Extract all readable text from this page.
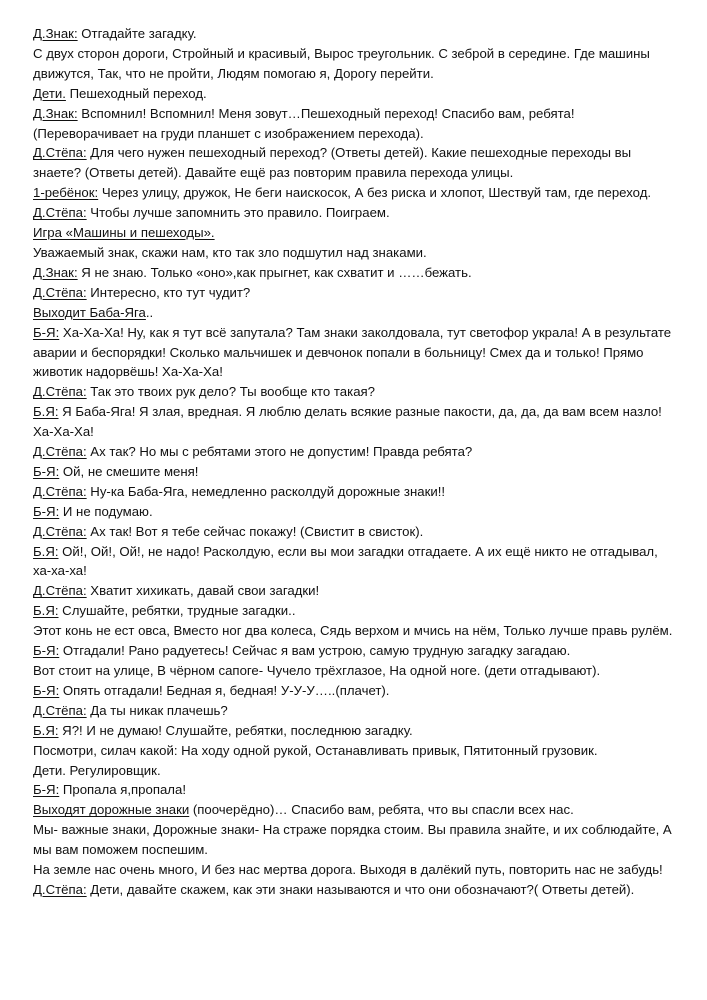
Д.Знак: Отгадайте загадку.

С двух сторон дороги, Стройный и красивый, Вырос треугольник. С зеброй в середине. Где машины движутся, Так, что не пройти, Людям помогаю я, Дорогу перейти.

Дети. Пешеходный переход.

Д.Знак: Вспомнил! Вспомнил! Меня зовут…Пешеходный переход! Спасибо вам, ребята! (Переворачивает на груди планшет с изображением перехода).

Д.Стёпа: Для чего нужен пешеходный переход? (Ответы детей). Какие пешеходные переходы вы знаете? (Ответы детей). Давайте ещё раз повторим правила перехода улицы.

1-ребёнок: Через улицу, дружок, Не беги наискосок, А без риска и хлопот, Шествуй там, где переход.

Д.Стёпа: Чтобы лучше запомнить это правило. Поиграем.

Игра «Машины и пешеходы».

Уважаемый знак, скажи нам, кто так зло подшутил над знаками.

Д.Знак: Я не знаю. Только «оно»,как прыгнет, как схватит и ……бежать.

Д.Стёпа: Интересно, кто тут чудит?

Выходит Баба-Яга..

Б-Я: Ха-Ха-Ха! Ну, как я тут всё запутала? Там знаки заколдовала, тут светофор украла! А в результате аварии и беспорядки! Сколько мальчишек и девчонок попали в больницу! Смех да и только! Прямо животик надорвёшь! Ха-Ха-Ха!

Д.Стёпа: Так это твоих рук дело? Ты вообще кто такая?

Б.Я: Я Баба-Яга! Я злая, вредная. Я люблю делать всякие разные пакости, да, да, да вам всем назло! Ха-Ха-Ха!

Д.Стёпа: Ах так? Но мы с ребятами этого не допустим! Правда ребята?

Б-Я: Ой, не смешите меня!

Д.Стёпа: Ну-ка Баба-Яга, немедленно расколдуй дорожные знаки!!

Б-Я: И не подумаю.

Д.Стёпа: Ах так! Вот я тебе сейчас покажу! (Свистит в свисток).

Б.Я: Ой!, Ой!, Ой!, не надо! Расколдую, если вы мои загадки отгадаете. А их ещё никто не отгадывал, ха-ха-ха!

Д.Стёпа: Хватит хихикать, давай свои загадки!

Б.Я: Слушайте, ребятки, трудные загадки..

Этот конь не ест овса, Вместо ног два колеса, Сядь верхом и мчись на нём, Только лучше правь рулём.

Б-Я: Отгадали! Рано радуетесь! Сейчас я вам устрою, самую трудную загадку загадаю.

Вот стоит на улице, В чёрном сапоге- Чучело трёхглазое, На одной ноге. (дети отгадывают).

Б-Я: Опять отгадали! Бедная я, бедная! У-У-У…..(плачет).

Д.Стёпа: Да ты никак плачешь?

Б.Я: Я?! И не думаю! Слушайте, ребятки, последнюю загадку.

Посмотри, силач какой: На ходу одной рукой, Останавливать привык, Пятитонный грузовик.

Дети. Регулировщик.

Б-Я: Пропала я,пропала!

Выходят дорожные знаки (поочерёдно)… Спасибо вам, ребята, что вы спасли всех нас.

Мы- важные знаки, Дорожные знаки- На страже порядка стоим. Вы правила знайте, и их соблюдайте, А мы вам поможем поспешим.

На земле нас очень много, И без нас мертва дорога. Выходя в далёкий путь, повторить нас не забудь!

Д.Стёпа: Дети, давайте скажем, как эти знаки называются и что они обозначают?( Ответы детей).
